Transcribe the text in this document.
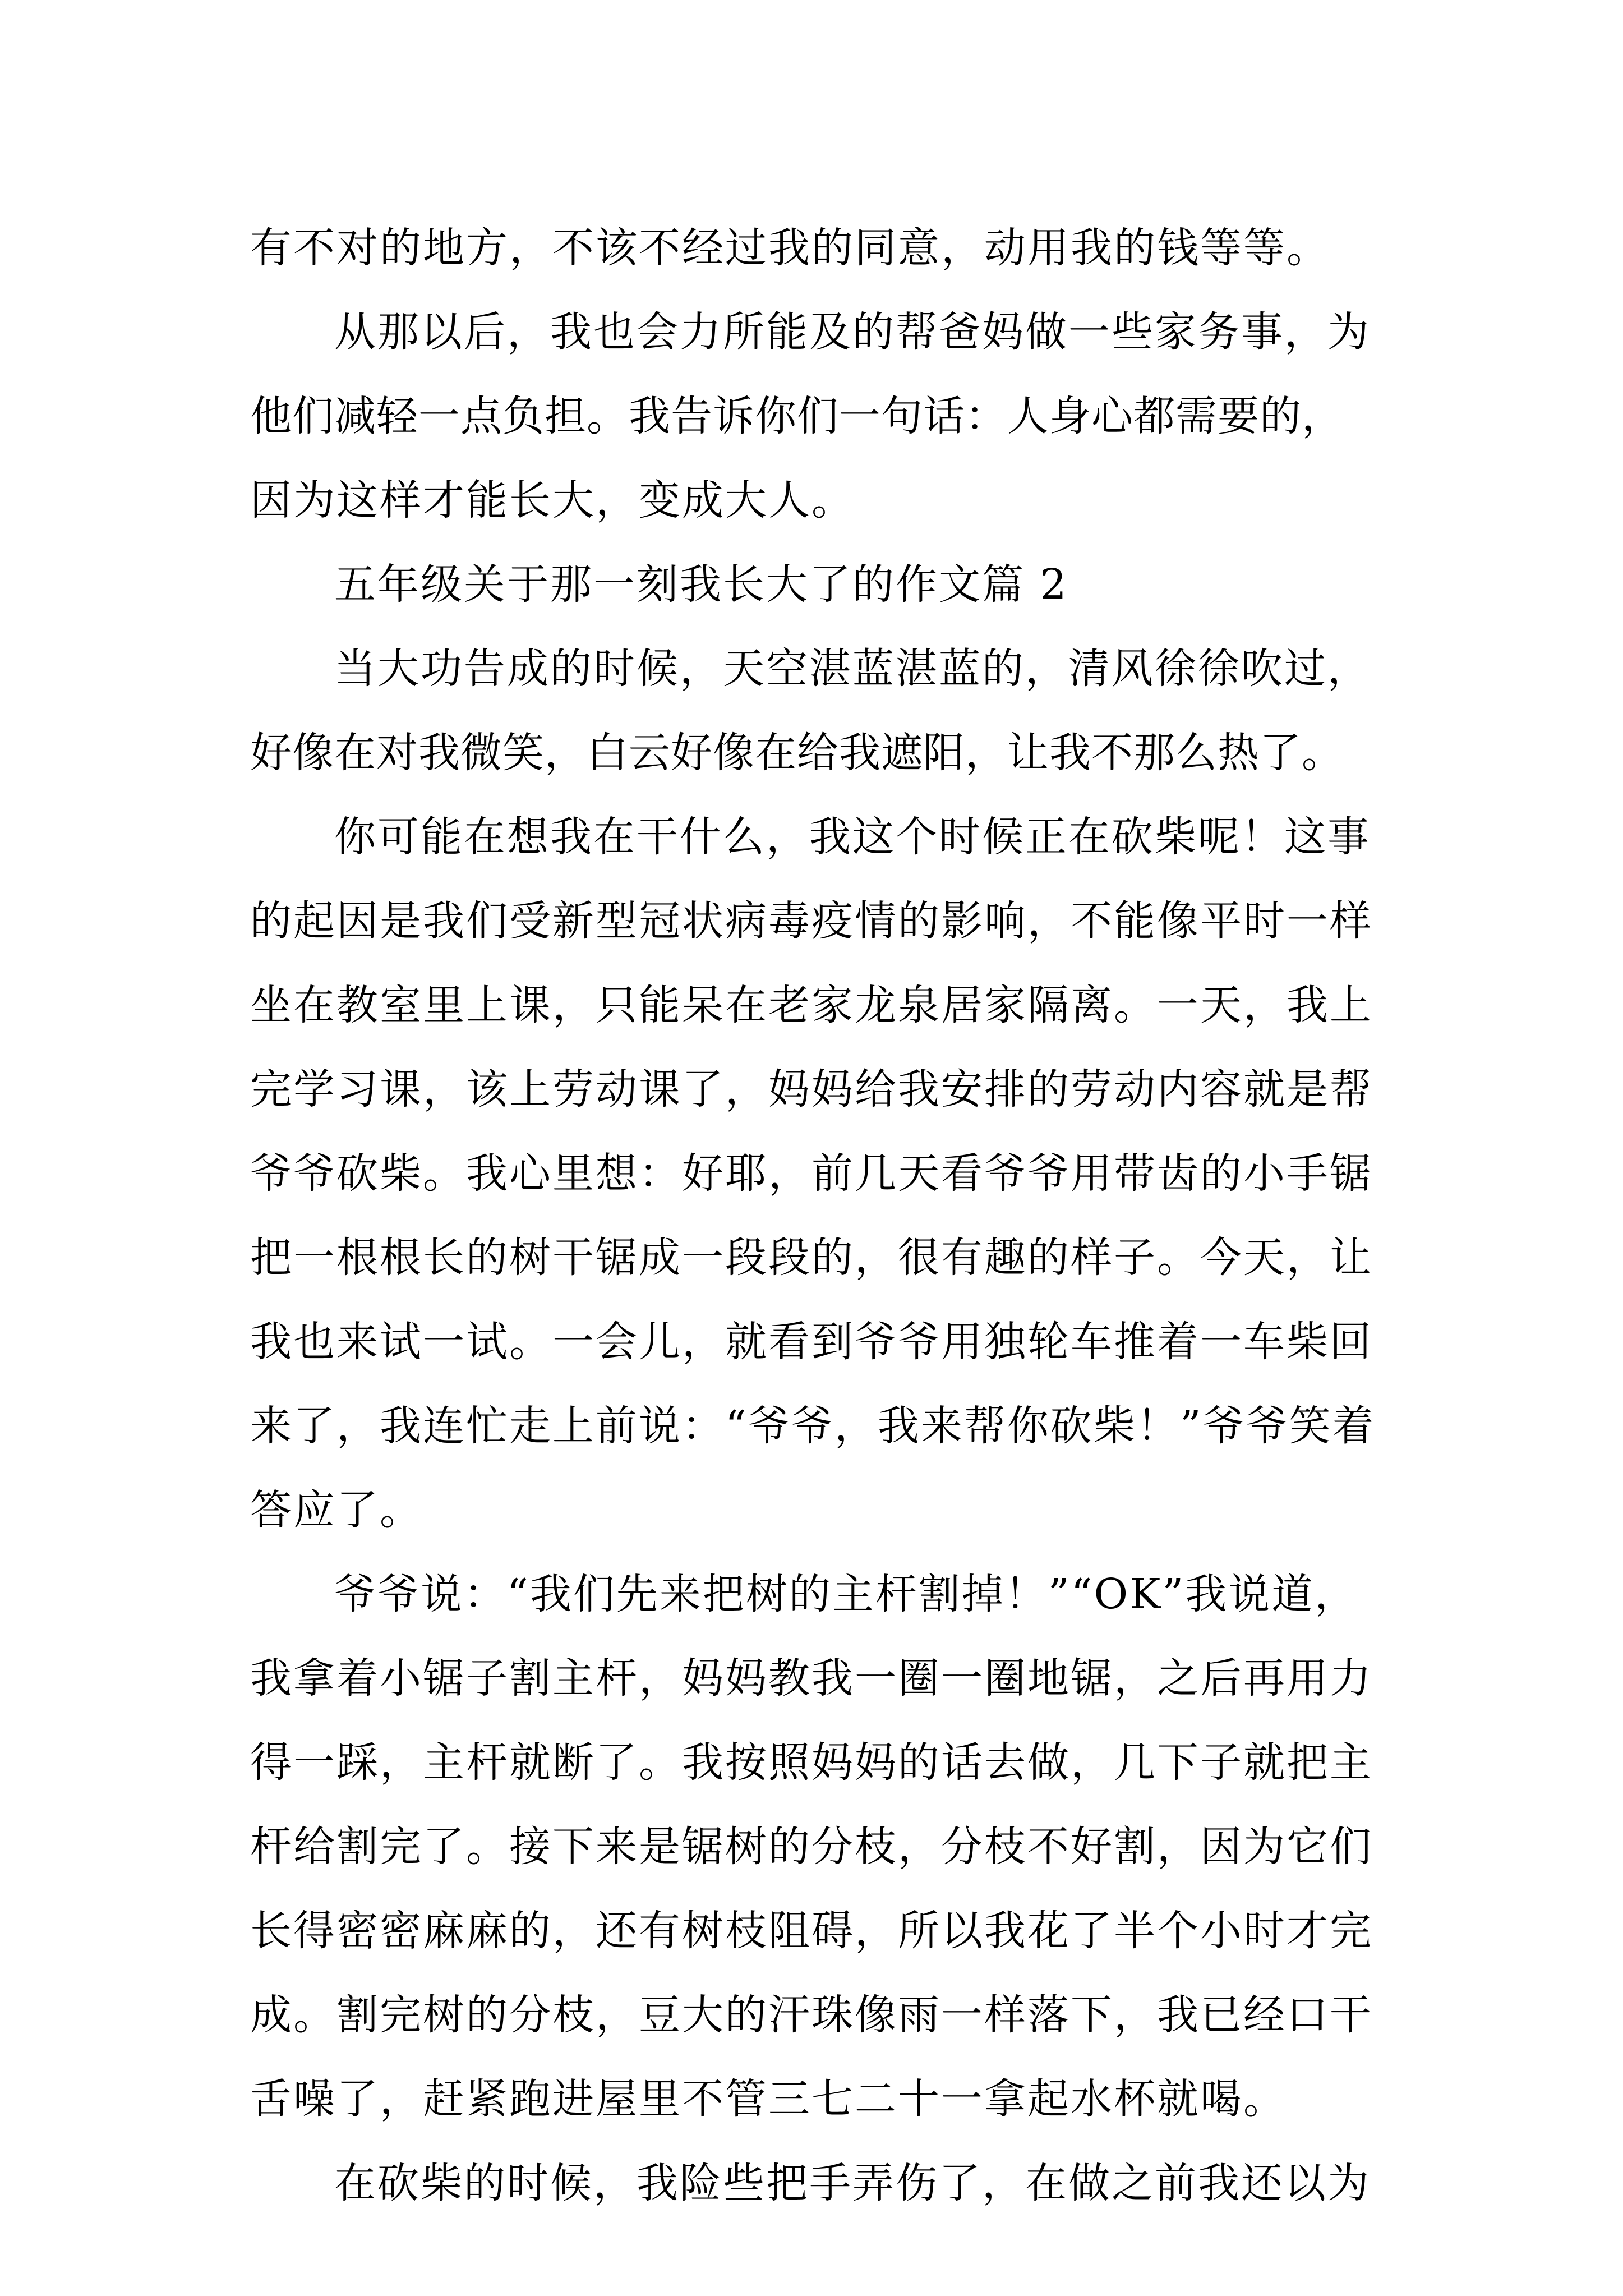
有不对的地方，不该不经过我的同意，动用我的钱等等。
从那以后，我也会力所能及的帮爸妈做一些家务事，为
他们减轻一点负担。我告诉你们一句话：人身心都需要的，
因为这样才能长大，变成大人。
五年级关于那一刻我长大了的作文篇 2
当大功告成的时候，天空湛蓝湛蓝的，清风徐徐吹过，
好像在对我微笑，白云好像在给我遮阳，让我不那么热了。
你可能在想我在干什么，我这个时候正在砍柴呢！这事
的起因是我们受新型冠状病毒疫情的影响，不能像平时一样
坐在教室里上课，只能呆在老家龙泉居家隔离。一天，我上
完学习课，该上劳动课了，妈妈给我安排的劳动内容就是帮
爷爷砍柴。我心里想：好耶，前几天看爷爷用带齿的小手锯
把一根根长的树干锯成一段段的，很有趣的样子。今天，让
我也来试一试。一会儿，就看到爷爷用独轮车推着一车柴回
来了，我连忙走上前说：“爷爷，我来帮你砍柴！”爷爷笑着
答应了。
爷爷说：“我们先来把树的主杆割掉！”“OK”我说道，
我拿着小锯子割主杆，妈妈教我一圈一圈地锯，之后再用力
得一踩，主杆就断了。我按照妈妈的话去做，几下子就把主
杆给割完了。接下来是锯树的分枝，分枝不好割，因为它们
长得密密麻麻的，还有树枝阻碍，所以我花了半个小时才完
成。割完树的分枝，豆大的汗珠像雨一样落下，我已经口干
舌噪了，赶紧跑进屋里不管三七二十一拿起水杯就喝。
在砍柴的时候，我险些把手弄伤了，在做之前我还以为
